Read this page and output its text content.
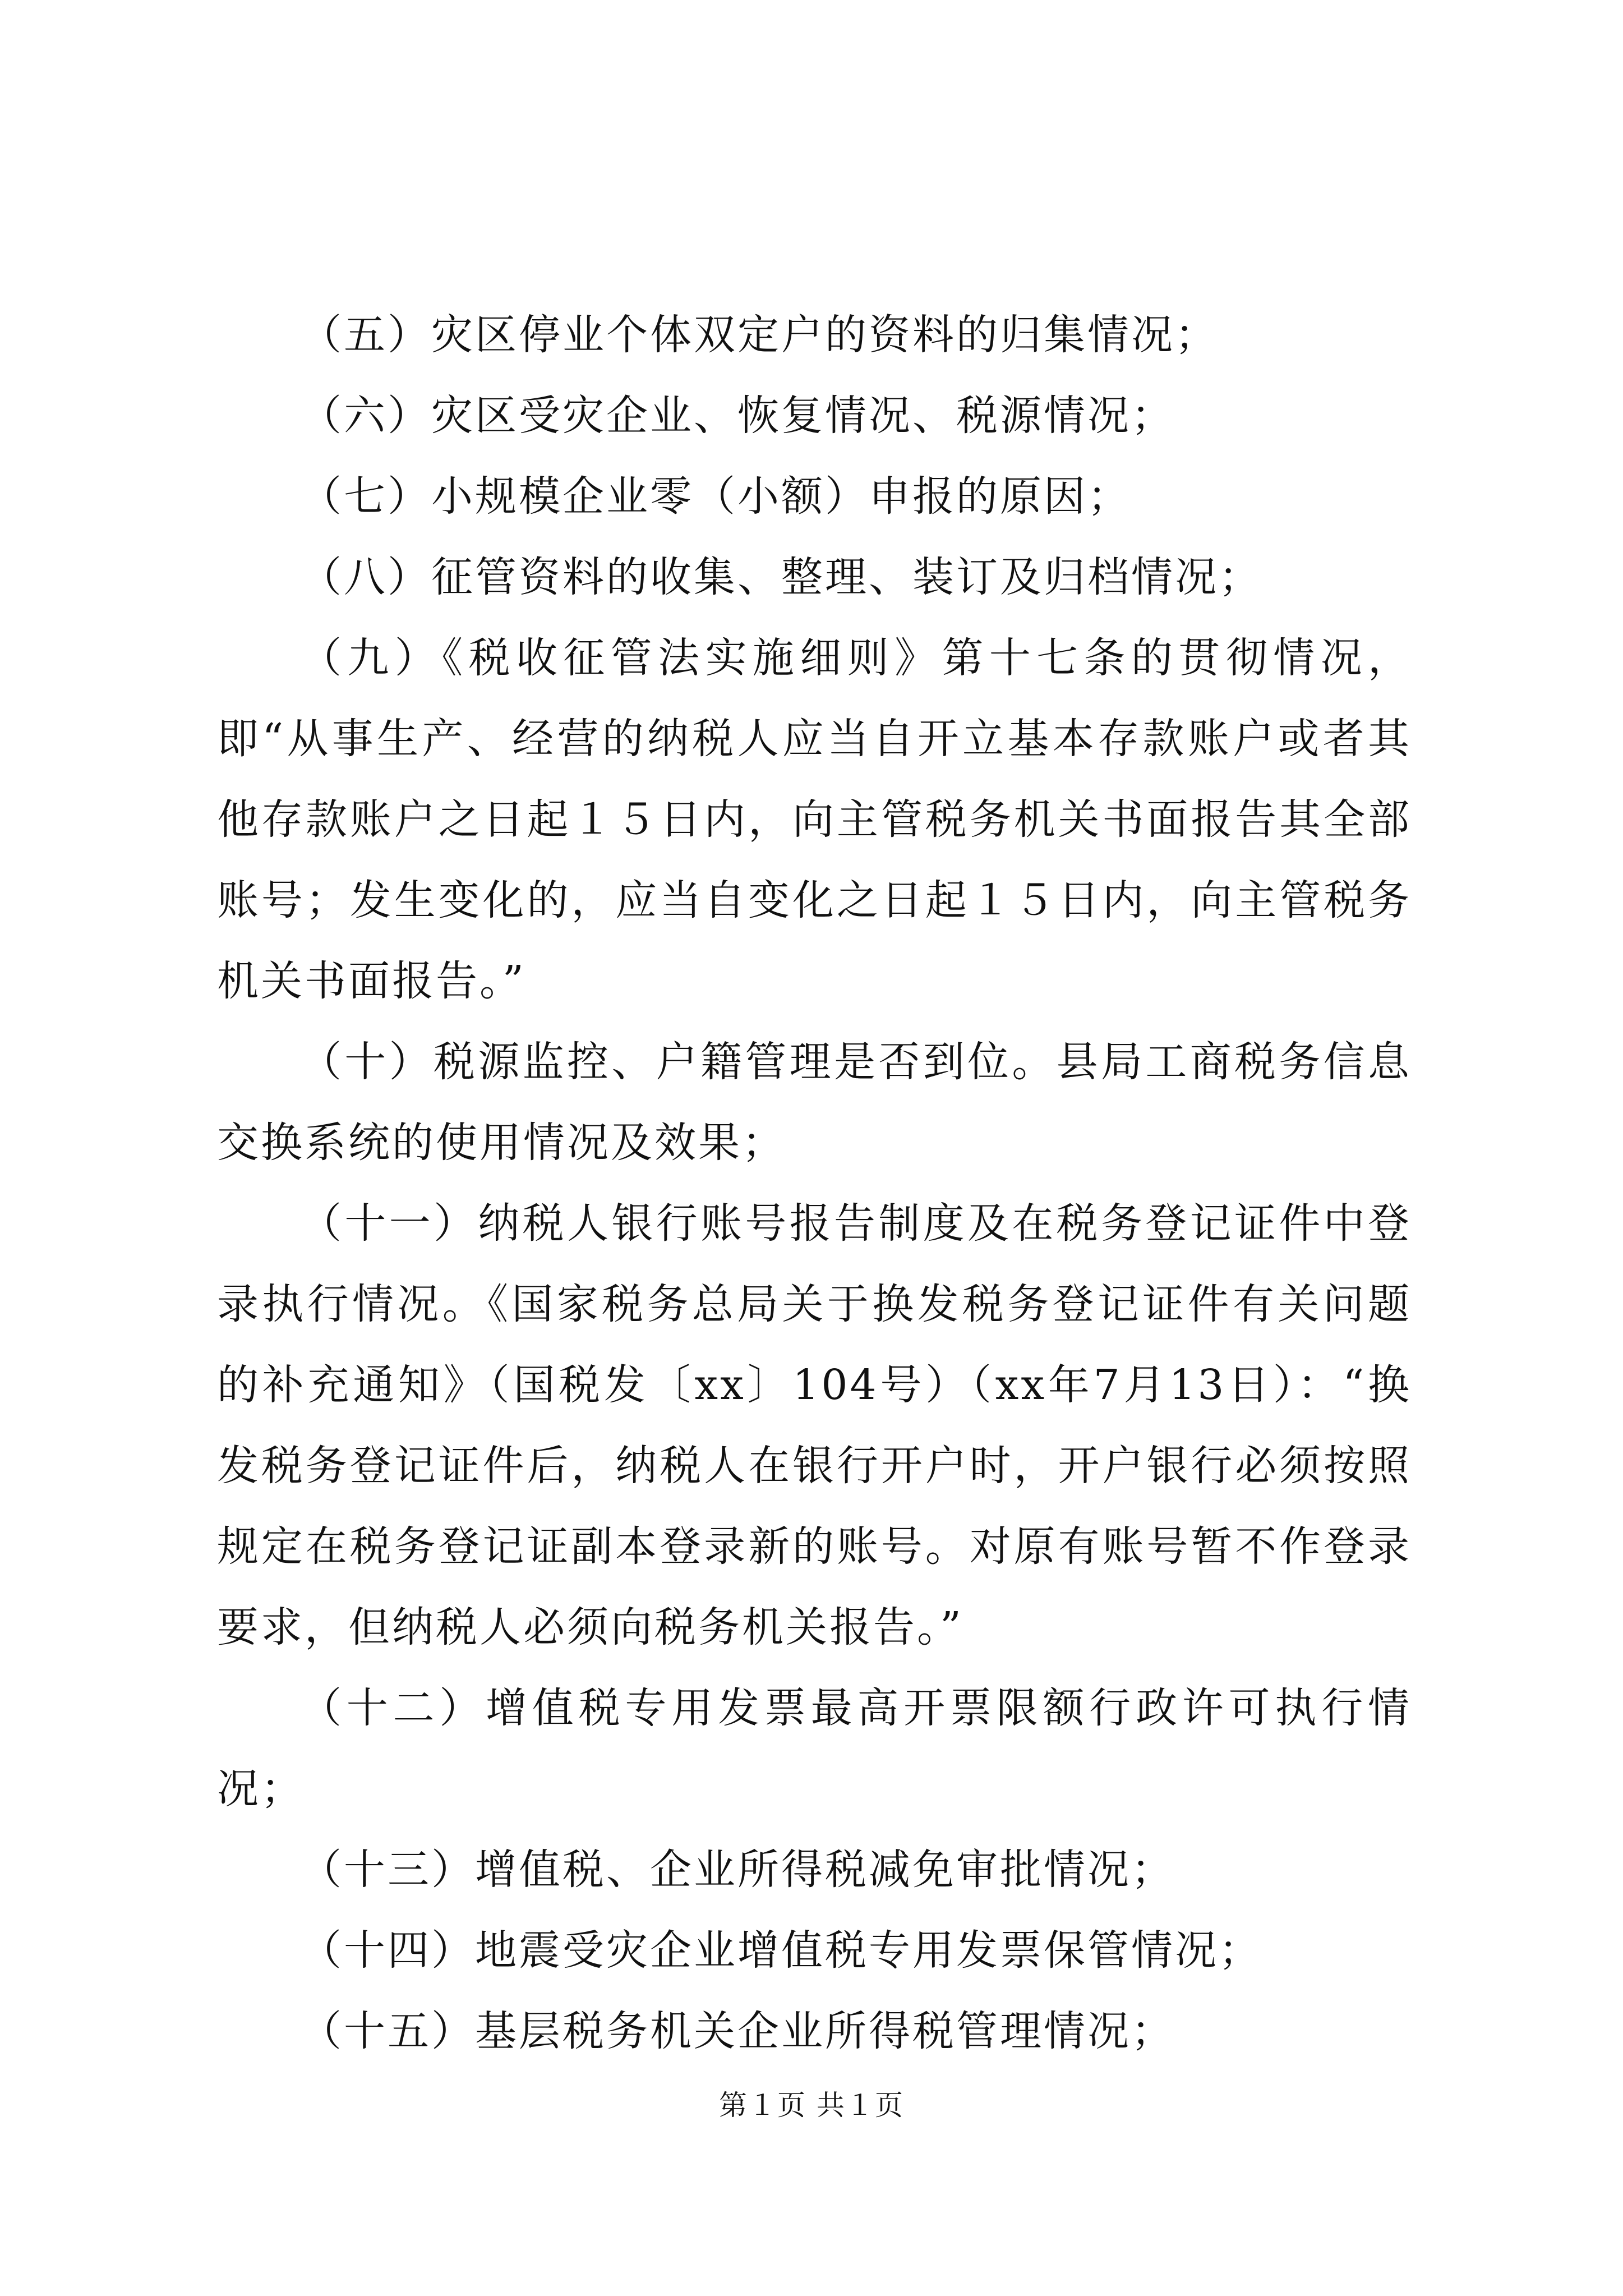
（五）灾区停业个体双定户的资料的归集情况；

（六）灾区受灾企业、恢复情况、税源情况；

（七）小规模企业零（小额）申报的原因；

（八）征管资料的收集、整理、装订及归档情况；

（九）《税收征管法实施细则》第十七条的贯彻情况，即“从事生产、经营的纳税人应当自开立基本存款账户或者其他存款账户之日起１５日内，向主管税务机关书面报告其全部账号；发生变化的，应当自变化之日起１５日内，向主管税务机关书面报告。”

（十）税源监控、户籍管理是否到位。县局工商税务信息交换系统的使用情况及效果；

（十一）纳税人银行账号报告制度及在税务登记证件中登录执行情况。《国家税务总局关于换发税务登记证件有关问题的补充通知》（国税发〔xx〕104号）（xx年7月13日）：“换发税务登记证件后，纳税人在银行开户时，开户银行必须按照规定在税务登记证副本登录新的账号。对原有账号暂不作登录要求，但纳税人必须向税务机关报告。”

（十二）增值税专用发票最高开票限额行政许可执行情况；

（十三）增值税、企业所得税减免审批情况；

（十四）地震受灾企业增值税专用发票保管情况；

（十五）基层税务机关企业所得税管理情况；

第１页 共１页
